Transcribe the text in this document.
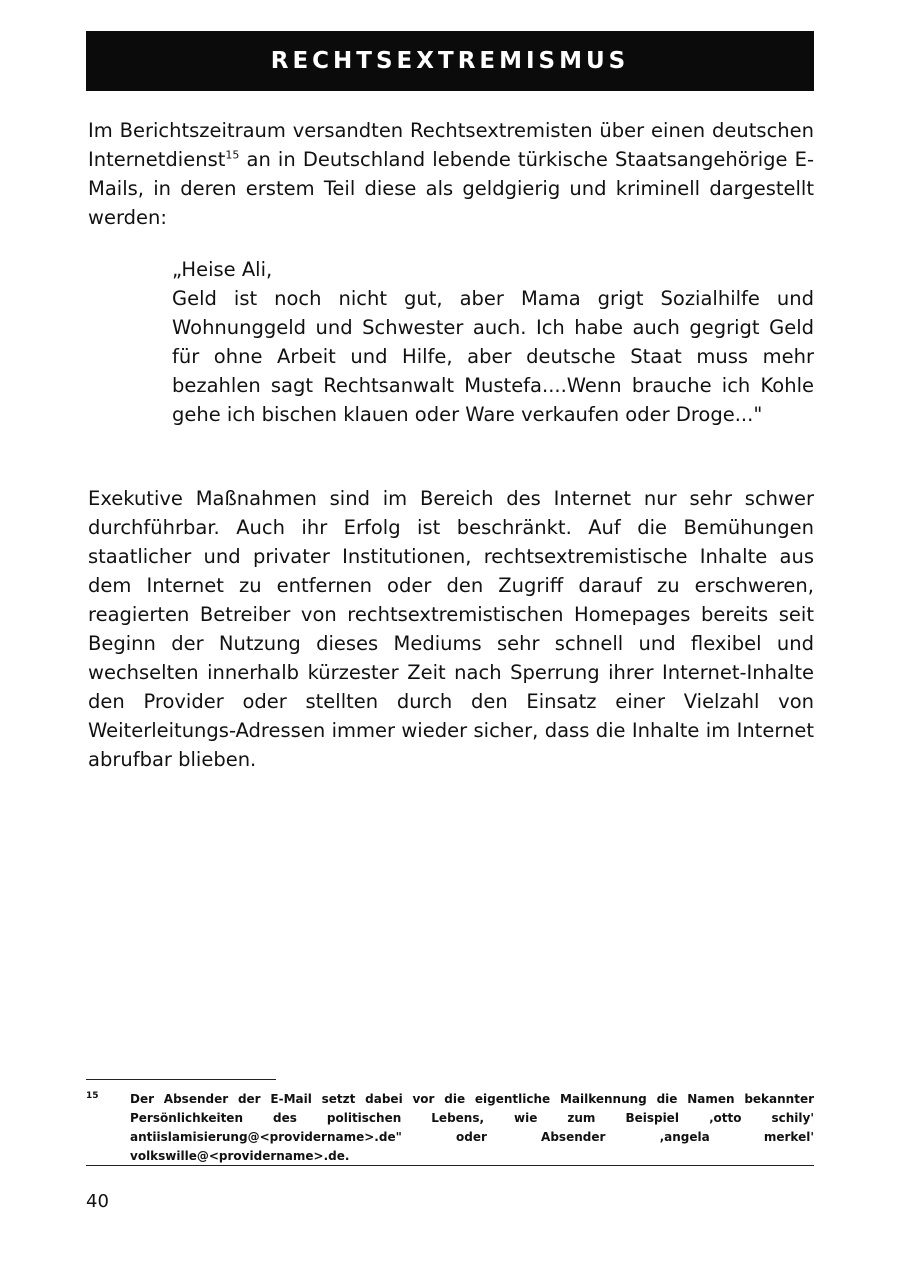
RECHTSEXTREMISMUS

Im Berichtszeitraum versandten Rechtsextremisten über einen deutschen Internetdienst$^{15}$ an in Deutschland lebende türkische Staatsangehörige E-Mails, in deren erstem Teil diese als geldgierig und kriminell dargestellt werden:

„Heise Ali,
Geld ist noch nicht gut, aber Mama grigt Sozialhilfe und Wohnunggeld und Schwester auch. Ich habe auch gegrigt Geld für ohne Arbeit und Hilfe, aber deutsche Staat muss mehr bezahlen sagt Rechtsanwalt Mustefa....Wenn brauche ich Kohle gehe ich bischen klauen oder Ware verkaufen oder Droge..."

Exekutive Maßnahmen sind im Bereich des Internet nur sehr schwer durchführbar. Auch ihr Erfolg ist beschränkt. Auf die Bemühungen staatlicher und privater Institutionen, rechtsextremistische Inhalte aus dem Internet zu entfernen oder den Zugriff darauf zu erschweren, reagierten Betreiber von rechtsextremistischen Homepages bereits seit Beginn der Nutzung dieses Mediums sehr schnell und flexibel und wechselten innerhalb kürzester Zeit nach Sperrung ihrer Internet-Inhalte den Provider oder stellten durch den Einsatz einer Vielzahl von Weiterleitungs-Adressen immer wieder sicher, dass die Inhalte im Internet abrufbar blieben.

15	Der Absender der E-Mail setzt dabei vor die eigentliche Mailkennung die Namen bekannter Persönlichkeiten des politischen Lebens, wie zum Beispiel ‚otto schily' antiislamisierung@<providername>.de" oder Absender ‚angela merkel' volkswille@<providername>.de.
40
